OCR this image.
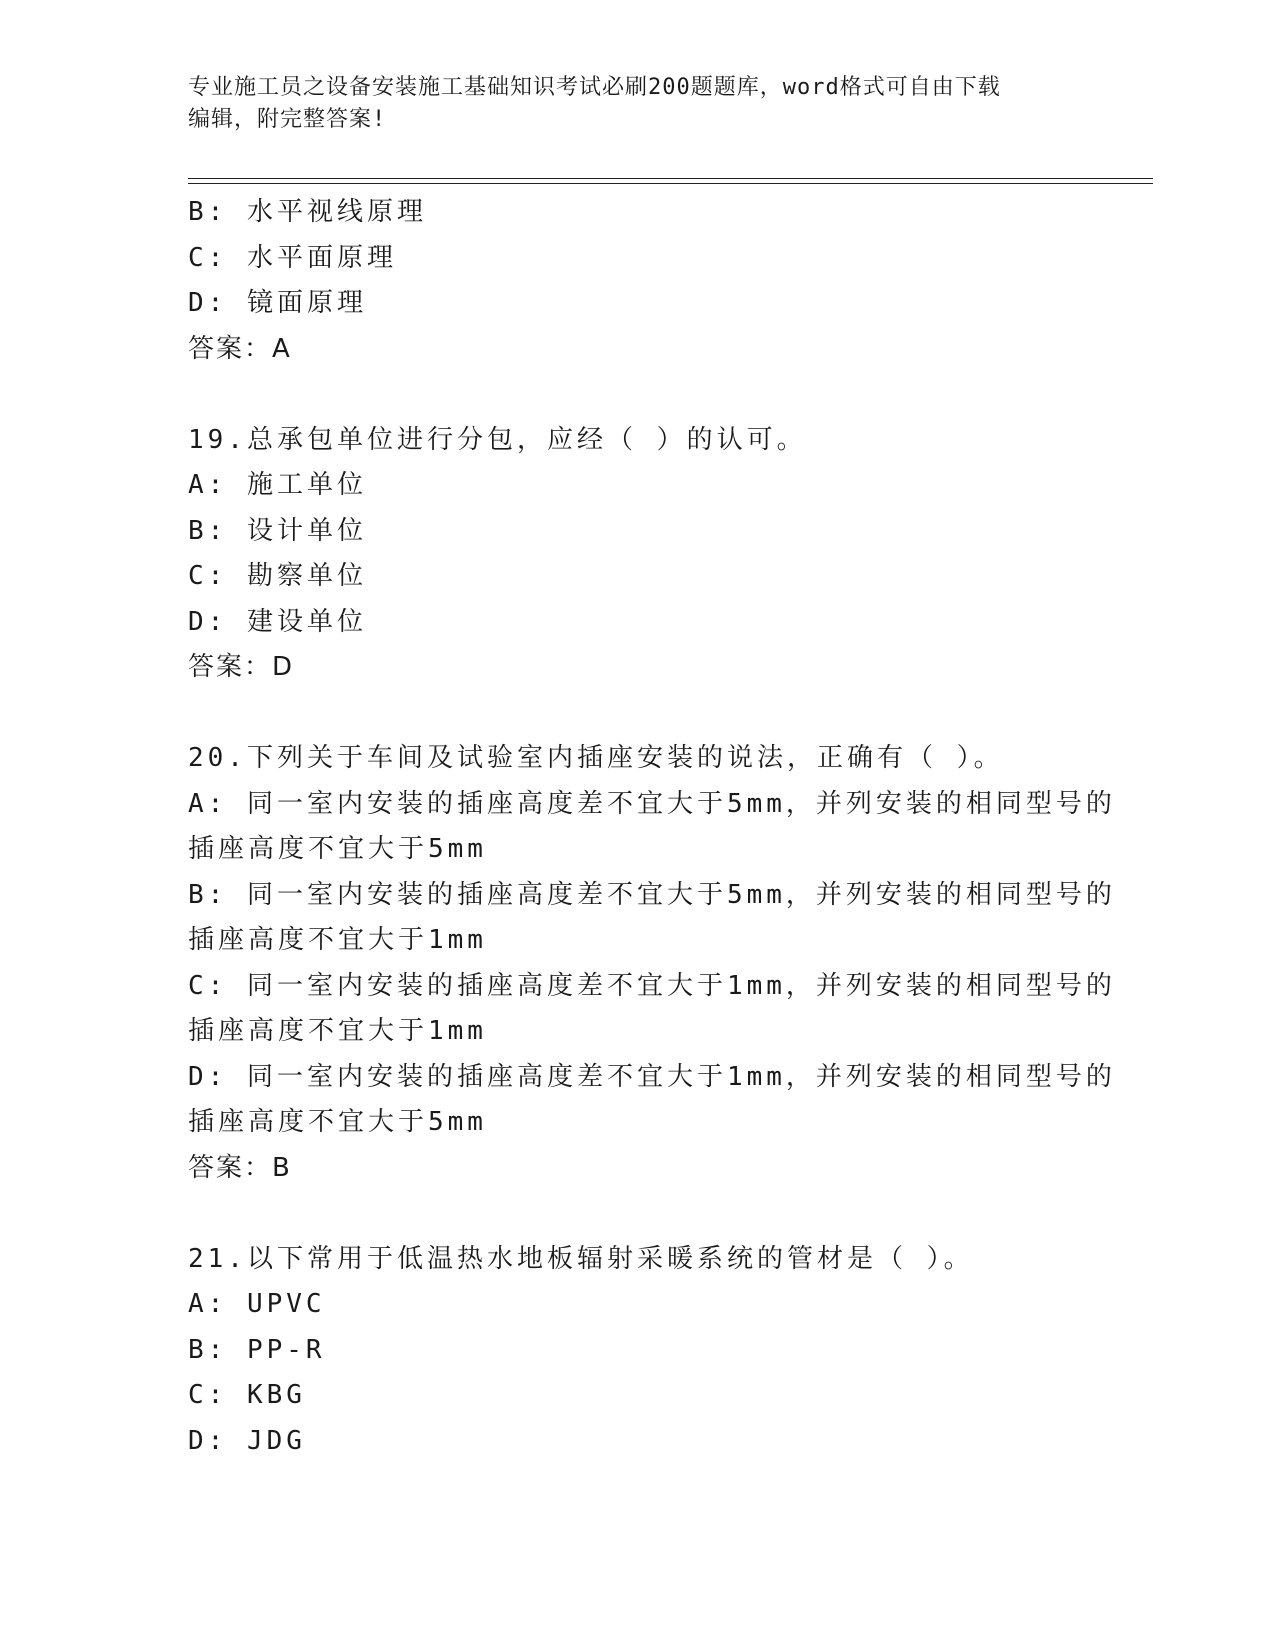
专业施工员之设备安装施工基础知识考试必刷200题题库，word格式可自由下载
编辑，附完整答案!
B: 水平视线原理
C: 水平面原理
D: 镜面原理
答案：A
19.总承包单位进行分包，应经（ ）的认可。
A: 施工单位
B: 设计单位
C: 勘察单位
D: 建设单位
答案：D
20.下列关于车间及试验室内插座安装的说法，正确有（ ）。
A: 同一室内安装的插座高度差不宜大于5mm，并列安装的相同型号的
插座高度不宜大于5mm
B: 同一室内安装的插座高度差不宜大于5mm，并列安装的相同型号的
插座高度不宜大于1mm
C: 同一室内安装的插座高度差不宜大于1mm，并列安装的相同型号的
插座高度不宜大于1mm
D: 同一室内安装的插座高度差不宜大于1mm，并列安装的相同型号的
插座高度不宜大于5mm
答案：B
21.以下常用于低温热水地板辐射采暖系统的管材是（ ）。
A: UPVC
B: PP-R
C: KBG
D: JDG
